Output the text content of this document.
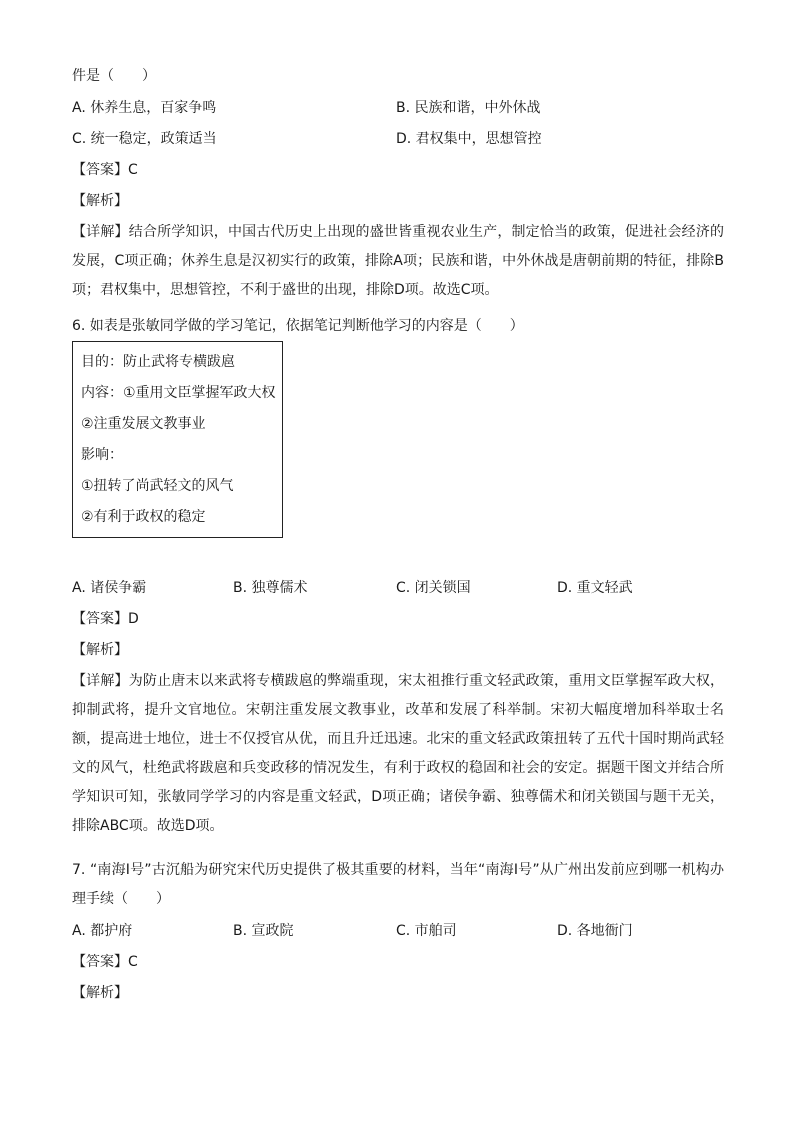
件是（　　）
A. 休养生息，百家争鸣	B. 民族和谐，中外休战
C. 统一稳定，政策适当	D. 君权集中，思想管控
【答案】C
【解析】
【详解】结合所学知识，中国古代历史上出现的盛世皆重视农业生产，制定恰当的政策，促进社会经济的发展，C项正确；休养生息是汉初实行的政策，排除A项；民族和谐，中外休战是唐朝前期的特征，排除B项；君权集中，思想管控，不利于盛世的出现，排除D项。故选C项。
6. 如表是张敏同学做的学习笔记，依据笔记判断他学习的内容是（　　）
目的：防止武将专横跋扈
内容：①重用文臣掌握军政大权
②注重发展文教事业
影响：
①扭转了尚武轻文的风气
②有利于政权的稳定
A. 诸侯争霸	B. 独尊儒术	C. 闭关锁国	D. 重文轻武
【答案】D
【解析】
【详解】为防止唐末以来武将专横跋扈的弊端重现，宋太祖推行重文轻武政策，重用文臣掌握军政大权，抑制武将，提升文官地位。宋朝注重发展文教事业，改革和发展了科举制。宋初大幅度增加科举取士名额，提高进士地位，进士不仅授官从优，而且升迁迅速。北宋的重文轻武政策扭转了五代十国时期尚武轻文的风气，杜绝武将跋扈和兵变政移的情况发生，有利于政权的稳固和社会的安定。据题干图文并结合所学知识可知，张敏同学学习的内容是重文轻武，D项正确；诸侯争霸、独尊儒术和闭关锁国与题干无关，排除ABC项。故选D项。
7. “南海Ⅰ号”古沉船为研究宋代历史提供了极其重要的材料，当年“南海Ⅰ号”从广州出发前应到哪一机构办理手续（　　）
A. 都护府	B. 宣政院	C. 市舶司	D. 各地衙门
【答案】C
【解析】
